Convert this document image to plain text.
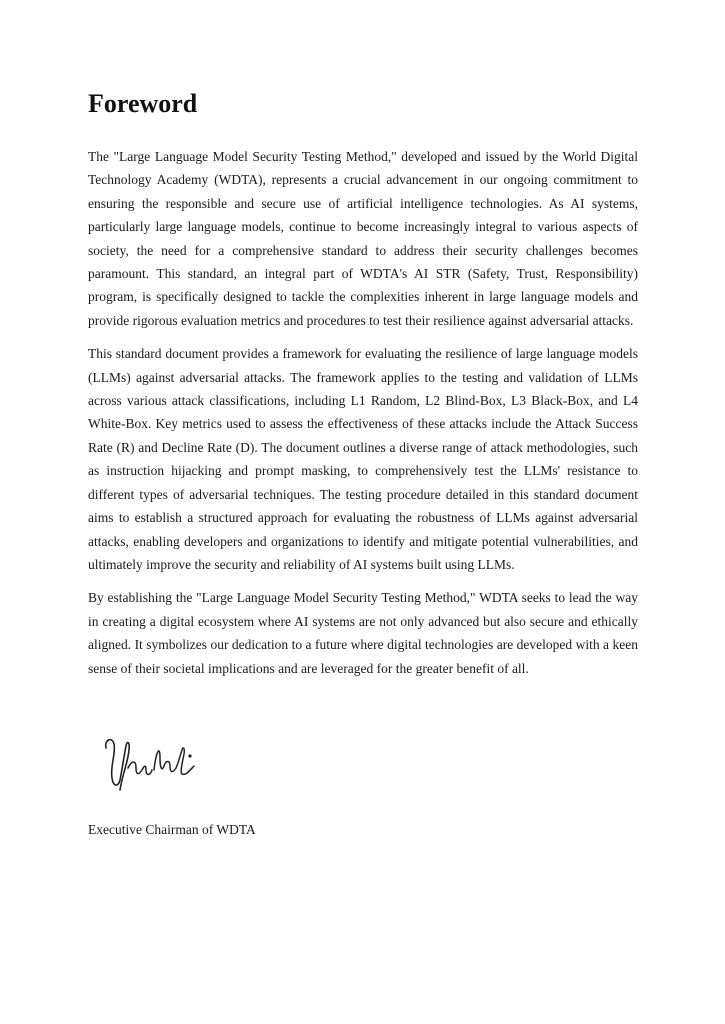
Foreword

The "Large Language Model Security Testing Method," developed and issued by the World Digital Technology Academy (WDTA), represents a crucial advancement in our ongoing commitment to ensuring the responsible and secure use of artificial intelligence technologies. As AI systems, particularly large language models, continue to become increasingly integral to various aspects of society, the need for a comprehensive standard to address their security challenges becomes paramount. This standard, an integral part of WDTA's AI STR (Safety, Trust, Responsibility) program, is specifically designed to tackle the complexities inherent in large language models and provide rigorous evaluation metrics and procedures to test their resilience against adversarial attacks.

This standard document provides a framework for evaluating the resilience of large language models (LLMs) against adversarial attacks. The framework applies to the testing and validation of LLMs across various attack classifications, including L1 Random, L2 Blind-Box, L3 Black-Box, and L4 White-Box. Key metrics used to assess the effectiveness of these attacks include the Attack Success Rate (R) and Decline Rate (D). The document outlines a diverse range of attack methodologies, such as instruction hijacking and prompt masking, to comprehensively test the LLMs' resistance to different types of adversarial techniques. The testing procedure detailed in this standard document aims to establish a structured approach for evaluating the robustness of LLMs against adversarial attacks, enabling developers and organizations to identify and mitigate potential vulnerabilities, and ultimately improve the security and reliability of AI systems built using LLMs.

By establishing the "Large Language Model Security Testing Method," WDTA seeks to lead the way in creating a digital ecosystem where AI systems are not only advanced but also secure and ethically aligned. It symbolizes our dedication to a future where digital technologies are developed with a keen sense of their societal implications and are leveraged for the greater benefit of all.

Executive Chairman of WDTA
